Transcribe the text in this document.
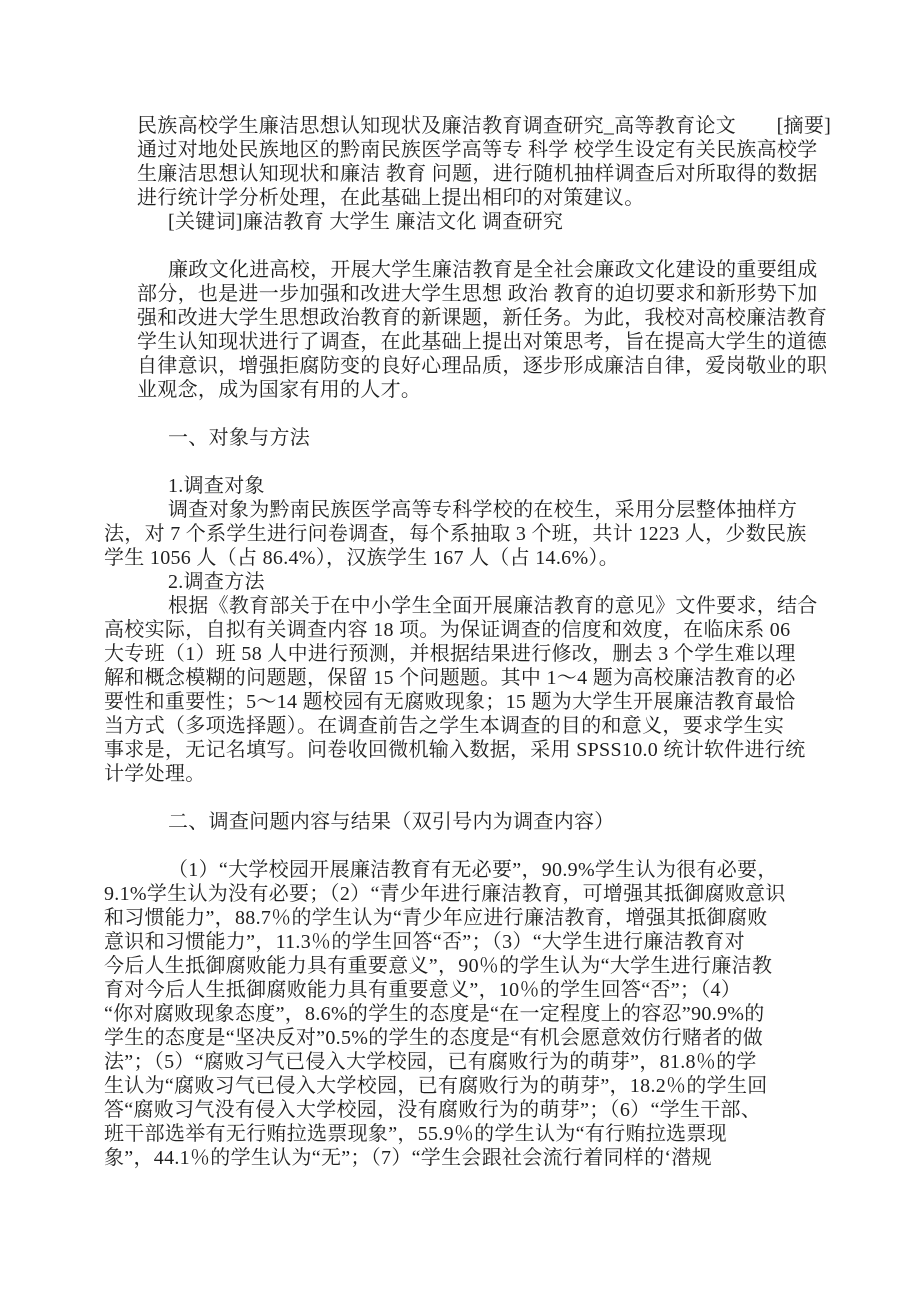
民族高校学生廉洁思想认知现状及廉洁教育调查研究_高等教育论文　　[摘要]
通过对地处民族地区的黔南民族医学高等专 科学 校学生设定有关民族高校学
生廉洁思想认知现状和廉洁 教育 问题，进行随机抽样调查后对所取得的数据
进行统计学分析处理，在此基础上提出相印的对策建议。
[关键词]廉洁教育 大学生 廉洁文化 调查研究

廉政文化进高校，开展大学生廉洁教育是全社会廉政文化建设的重要组成
部分，也是进一步加强和改进大学生思想 政治 教育的迫切要求和新形势下加
强和改进大学生思想政治教育的新课题，新任务。为此，我校对高校廉洁教育
学生认知现状进行了调查，在此基础上提出对策思考，旨在提高大学生的道德
自律意识，增强拒腐防变的良好心理品质，逐步形成廉洁自律，爱岗敬业的职
业观念，成为国家有用的人才。

一、对象与方法

1.调查对象
调查对象为黔南民族医学高等专科学校的在校生，采用分层整体抽样方
法，对 7 个系学生进行问卷调查，每个系抽取 3 个班，共计 1223 人，少数民族
学生 1056 人（占 86.4%），汉族学生 167 人（占 14.6%）。
2.调查方法
根据《教育部关于在中小学生全面开展廉洁教育的意见》文件要求，结合
高校实际，自拟有关调查内容 18 项。为保证调查的信度和效度，在临床系 06
大专班（1）班 58 人中进行预测，并根据结果进行修改，删去 3 个学生难以理
解和概念模糊的问题题，保留 15 个问题题。其中 1～4 题为高校廉洁教育的必
要性和重要性；5～14 题校园有无腐败现象；15 题为大学生开展廉洁教育最恰
当方式（多项选择题）。在调查前告之学生本调查的目的和意义，要求学生实
事求是，无记名填写。问卷收回微机输入数据，采用 SPSS10.0 统计软件进行统
计学处理。

二、调查问题内容与结果（双引号内为调查内容）

（1）“大学校园开展廉洁教育有无必要”，90.9%学生认为很有必要，
9.1%学生认为没有必要；（2）“青少年进行廉洁教育，可增强其抵御腐败意识
和习惯能力”，88.7％的学生认为“青少年应进行廉洁教育，增强其抵御腐败
意识和习惯能力”，11.3％的学生回答“否”；（3）“大学生进行廉洁教育对
今后人生抵御腐败能力具有重要意义”，90％的学生认为“大学生进行廉洁教
育对今后人生抵御腐败能力具有重要意义”，10％的学生回答“否”；（4）
“你对腐败现象态度”，8.6%的学生的态度是“在一定程度上的容忍”90.9%的
学生的态度是“坚决反对”0.5%的学生的态度是“有机会愿意效仿行赌者的做
法”；（5）“腐败习气已侵入大学校园，已有腐败行为的萌芽”，81.8％的学
生认为“腐败习气已侵入大学校园，已有腐败行为的萌芽”，18.2％的学生回
答“腐败习气没有侵入大学校园，没有腐败行为的萌芽”；（6）“学生干部、
班干部选举有无行贿拉选票现象”，55.9％的学生认为“有行贿拉选票现
象”，44.1％的学生认为“无”；（7）“学生会跟社会流行着同样的‘潜规
